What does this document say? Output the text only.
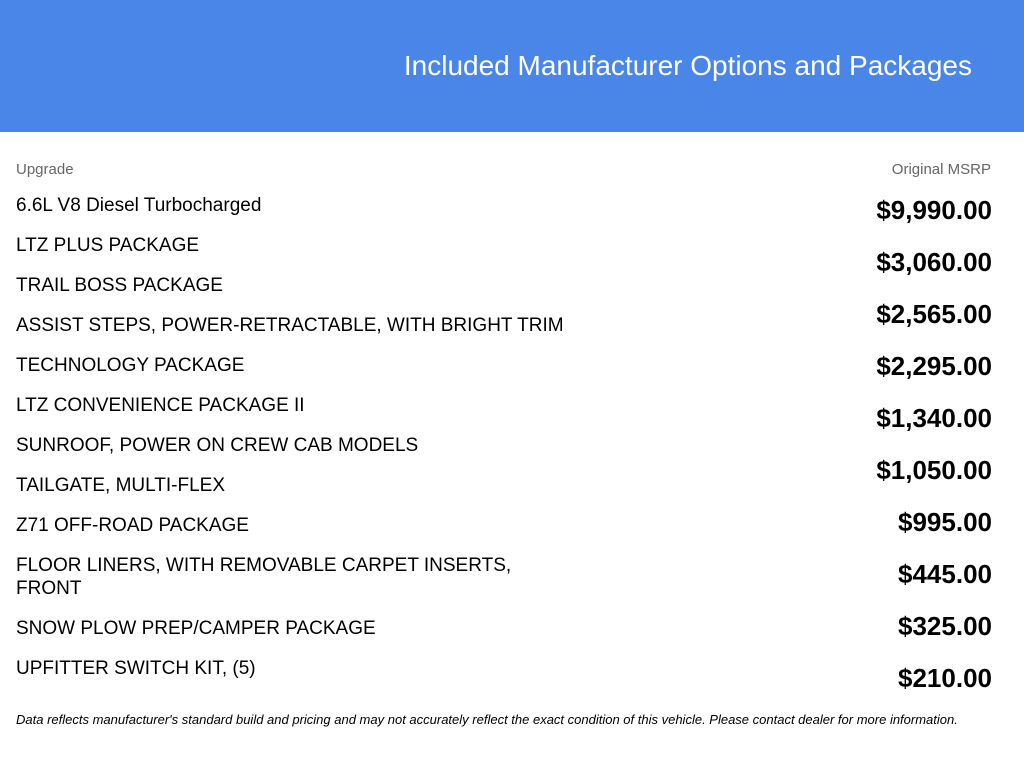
Included Manufacturer Options and Packages
Upgrade	Original MSRP
6.6L V8 Diesel Turbocharged
LTZ PLUS PACKAGE
TRAIL BOSS PACKAGE
ASSIST STEPS, POWER-RETRACTABLE, WITH BRIGHT TRIM
TECHNOLOGY PACKAGE
LTZ CONVENIENCE PACKAGE II
SUNROOF, POWER ON CREW CAB MODELS
TAILGATE, MULTI-FLEX
Z71 OFF-ROAD PACKAGE
FLOOR LINERS, WITH REMOVABLE CARPET INSERTS, FRONT
SNOW PLOW PREP/CAMPER PACKAGE
UPFITTER SWITCH KIT, (5)
$9,990.00
$3,060.00
$2,565.00
$2,295.00
$1,340.00
$1,050.00
$995.00
$445.00
$325.00
$210.00
Data reflects manufacturer's standard build and pricing and may not accurately reflect the exact condition of this vehicle. Please contact dealer for more information.
